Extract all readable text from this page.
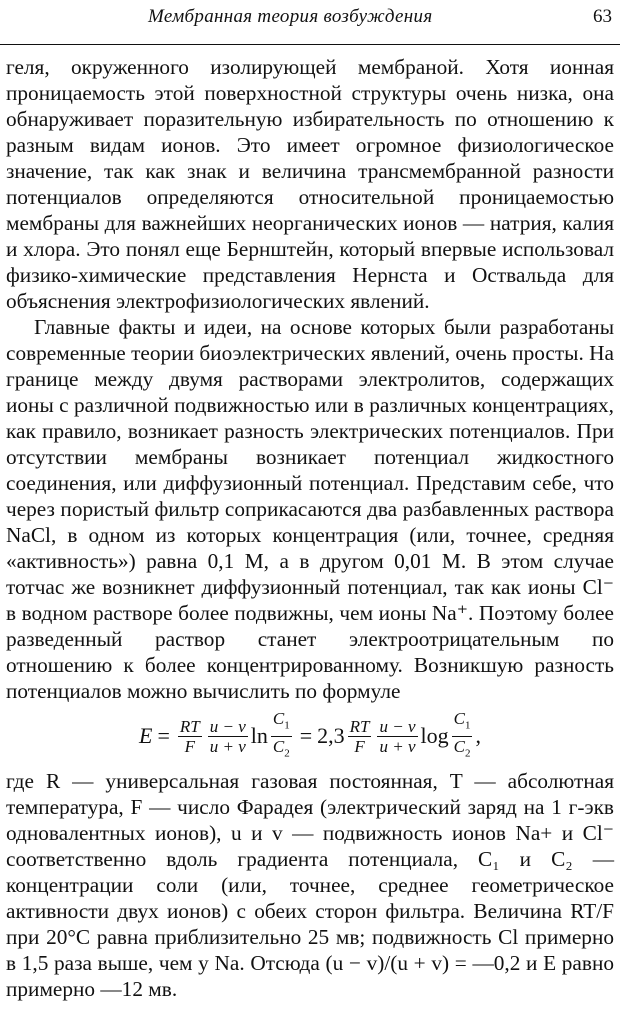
Мембранная теория возбуждения	63

геля, окруженного изолирующей мембраной. Хотя ионная проницаемость этой поверхностной структуры очень низка, она обнаруживает поразительную избирательность по отношению к разным видам ионов. Это имеет огромное физиологическое значение, так как знак и величина трансмембранной разности потенциалов определяются относительной проницаемостью мембраны для важнейших неорганических ионов — натрия, калия и хлора. Это понял еще Бернштейн, который впервые использовал физико-химические представления Нернста и Оствальда для объяснения электрофизиологических явлений.

Главные факты и идеи, на основе которых были разработаны современные теории биоэлектрических явлений, очень просты. На границе между двумя растворами электролитов, содержащих ионы с различной подвижностью или в различных концентрациях, как правило, возникает разность электрических потенциалов. При отсутствии мембраны возникает потенциал жидкостного соединения, или диффузионный потенциал. Представим себе, что через пористый фильтр соприкасаются два разбавленных раствора NaCl, в одном из которых концентрация (или, точнее, средняя «активность») равна 0,1 M, а в другом 0,01 M. В этом случае тотчас же возникнет диффузионный потенциал, так как ионы Cl⁻ в водном растворе более подвижны, чем ионы Na⁺. Поэтому более разведенный раствор станет электроотрицательным по отношению к более концентрированному. Возникшую разность потенциалов можно вычислить по формуле

$E = \frac{RT}{F} \frac{u - v}{u + v}$ $\ln \frac{C_1}{C_2} = 2,3 \frac{RT}{F} \frac{u - v}{u + v}$ $\log \frac{C_1}{C_2}$ ,

где R — универсальная газовая постоянная, T — абсолютная температура, F — число Фарадея (электрический заряд на 1 г-экв одновалентных ионов), u и v — подвижность ионов Na+ и Cl⁻ соответственно вдоль градиента потенциала, C₁ и C₂ — концентрации соли (или, точнее, среднее геометрическое активности двух ионов) с обеих сторон фильтра. Величина RT/F при 20°C равна приблизительно 25 мв; подвижность Cl примерно в 1,5 раза выше, чем у Na. Отсюда (u − v)/(u + v) = —0,2 и E равно примерно —12 мв.
